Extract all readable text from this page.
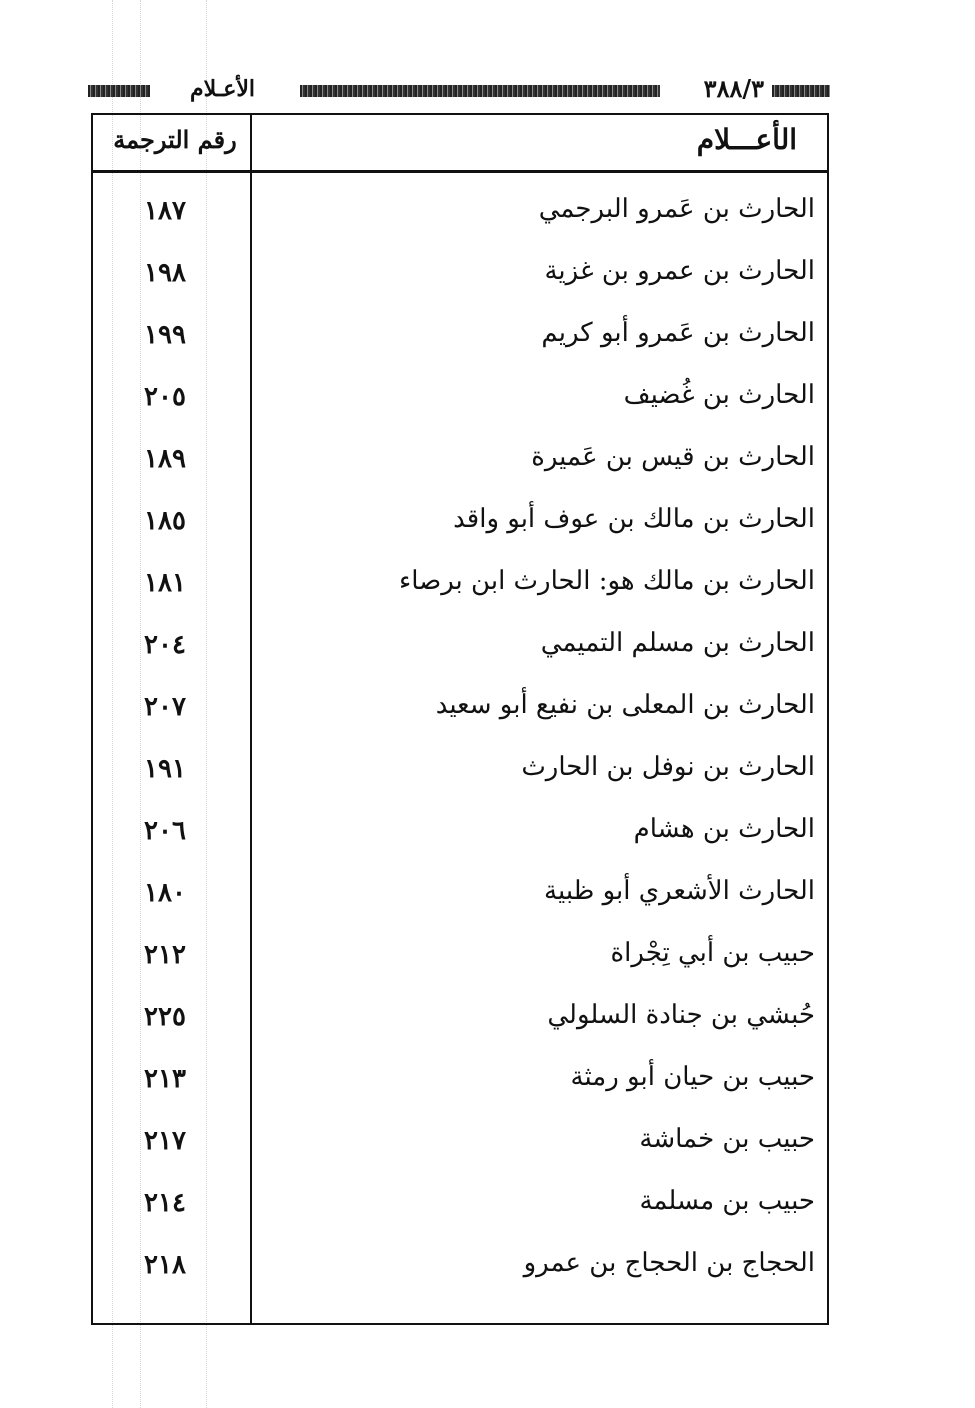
٣٨٨/٣
الأعـلام
الأعـــلام
رقم الترجمة
الحارث بن عَمرو البرجمي
١٨٧
الحارث بن عمرو بن غزية
١٩٨
الحارث بن عَمرو أبو كريم
١٩٩
الحارث بن غُضيف
٢٠٥
الحارث بن قيس بن عَميرة
١٨٩
الحارث بن مالك بن عوف أبو واقد
١٨٥
الحارث بن مالك هو: الحارث ابن برصاء
١٨١
الحارث بن مسلم التميمي
٢٠٤
الحارث بن المعلى بن نفيع أبو سعيد
٢٠٧
الحارث بن نوفل بن الحارث
١٩١
الحارث بن هشام
٢٠٦
الحارث الأشعري أبو ظبية
١٨٠
حبيب بن أبي تِجْراة
٢١٢
حُبشي بن جنادة السلولي
٢٢٥
حبيب بن حيان أبو رمثة
٢١٣
حبيب بن خماشة
٢١٧
حبيب بن مسلمة
٢١٤
الحجاج بن الحجاج بن عمرو
٢١٨
